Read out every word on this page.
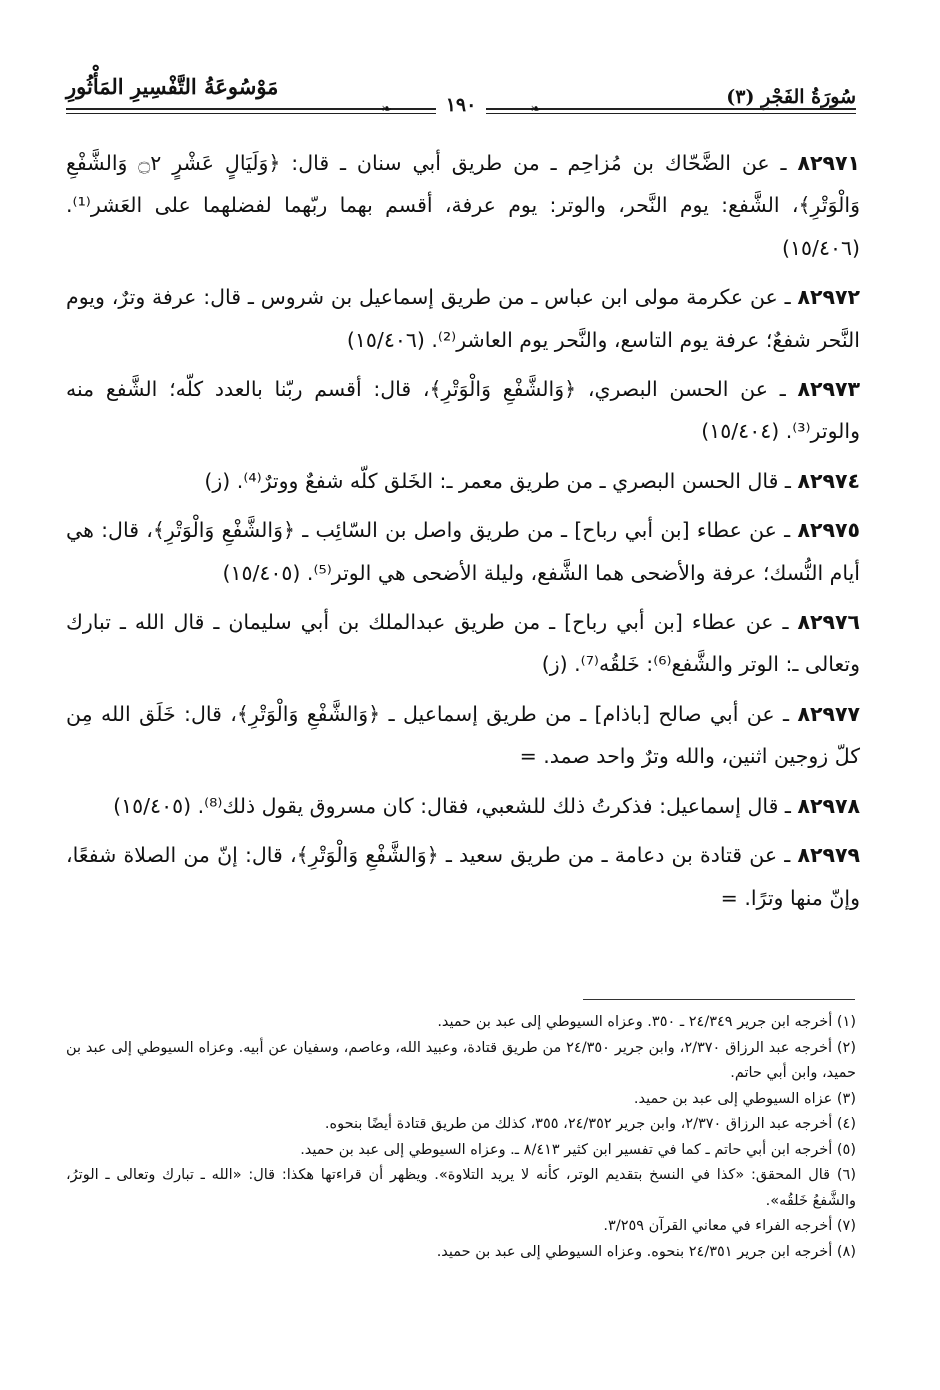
سُورَةُ الفَجْرِ (٣)
مَوْسُوعَةُ التَّفْسِيرِ المَأْثُورِ
❧
❧	١٩٠

٨٢٩٧١ ـ عن الضَّحّاك بن مُزاحِم ـ من طريق أبي سنان ـ قال: ﴿وَلَيَالٍ عَشْرٍ ۝٢ وَالشَّفْعِ وَالْوَتْرِ﴾، الشَّفع: يوم النَّحر، والوتر: يوم عرفة، أقسم بهما ربّهما لفضلهما على العَشر⁽¹⁾. (١٥/٤٠٦)

٨٢٩٧٢ ـ عن عكرمة مولى ابن عباس ـ من طريق إسماعيل بن شروس ـ قال: عرفة وترٌ، ويوم النَّحر شفعٌ؛ عرفة يوم التاسع، والنَّحر يوم العاشر⁽²⁾. (١٥/٤٠٦)

٨٢٩٧٣ ـ عن الحسن البصري، ﴿وَالشَّفْعِ وَالْوَتْرِ﴾، قال: أقسم ربّنا بالعدد كلّه؛ الشَّفع منه والوتر⁽³⁾. (١٥/٤٠٤)

٨٢٩٧٤ ـ قال الحسن البصري ـ من طريق معمر ـ: الخَلق كلّه شفعٌ ووترٌ⁽⁴⁾. (ز)

٨٢٩٧٥ ـ عن عطاء [بن أبي رباح] ـ من طريق واصل بن السّائِب ـ ﴿وَالشَّفْعِ وَالْوَتْرِ﴾، قال: هي أيام النُّسك؛ عرفة والأضحى هما الشَّفع، وليلة الأضحى هي الوتر⁽⁵⁾. (١٥/٤٠٥)

٨٢٩٧٦ ـ عن عطاء [بن أبي رباح] ـ من طريق عبدالملك بن أبي سليمان ـ قال الله ـ تبارك وتعالى ـ: الوتر والشَّفع⁽⁶⁾: خَلقُه⁽⁷⁾. (ز)

٨٢٩٧٧ ـ عن أبي صالح [باذام] ـ من طريق إسماعيل ـ ﴿وَالشَّفْعِ وَالْوَتْرِ﴾، قال: خَلَق الله مِن كلّ زوجين اثنين، والله وترٌ واحد صمد. =

٨٢٩٧٨ ـ قال إسماعيل: فذكرتُ ذلك للشعبي، فقال: كان مسروق يقول ذلك⁽⁸⁾. (١٥/٤٠٥)

٨٢٩٧٩ ـ عن قتادة بن دعامة ـ من طريق سعيد ـ ﴿وَالشَّفْعِ وَالْوَتْرِ﴾، قال: إنّ من الصلاة شفعًا، وإنّ منها وترًا. =

(١) أخرجه ابن جرير ٢٤/٣٤٩ ـ ٣٥٠. وعزاه السيوطي إلى عبد بن حميد.

(٢) أخرجه عبد الرزاق ٢/٣٧٠، وابن جرير ٢٤/٣٥٠ من طريق قتادة، وعبيد الله، وعاصم، وسفيان عن أبيه. وعزاه السيوطي إلى عبد بن حميد، وابن أبي حاتم.

(٣) عزاه السيوطي إلى عبد بن حميد.

(٤) أخرجه عبد الرزاق ٢/٣٧٠، وابن جرير ٢٤/٣٥٢، ٣٥٥، كذلك من طريق قتادة أيضًا بنحوه.

(٥) أخرجه ابن أبي حاتم ـ كما في تفسير ابن كثير ٨/٤١٣ ـ. وعزاه السيوطي إلى عبد بن حميد.

(٦) قال المحقق: «كذا في النسخ بتقديم الوتر، كأنه لا يريد التلاوة». ويظهر أن قراءتها هكذا: قال: «الله ـ تبارك وتعالى ـ الوترُ، والشَّفعُ خَلقُه».

(٧) أخرجه الفراء في معاني القرآن ٣/٢٥٩.

(٨) أخرجه ابن جرير ٢٤/٣٥١ بنحوه. وعزاه السيوطي إلى عبد بن حميد.
